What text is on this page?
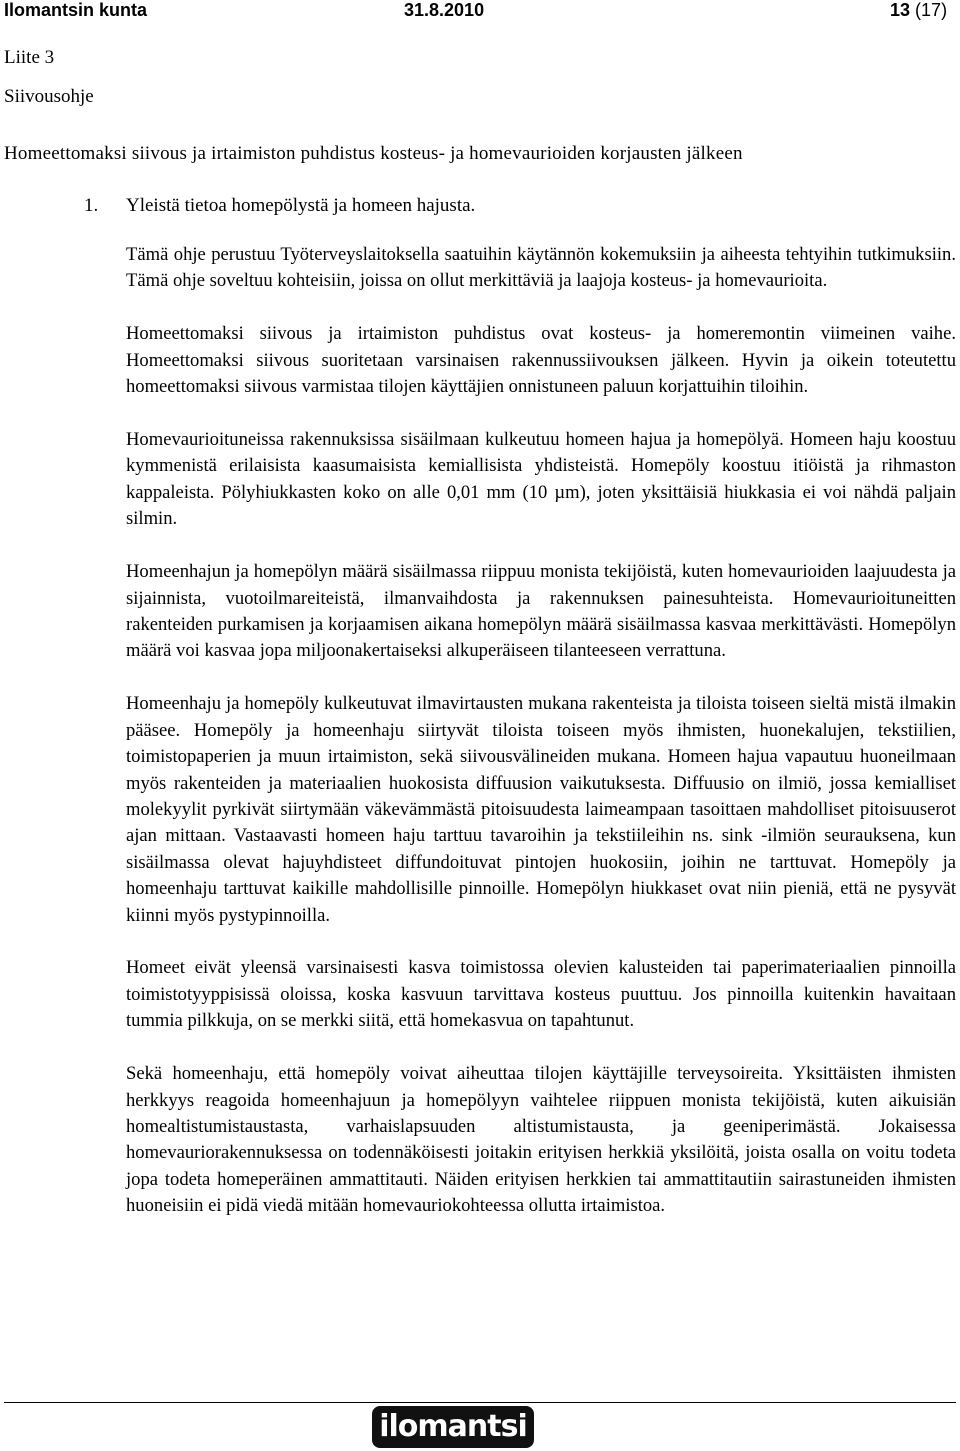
Ilomantsin kunta	31.8.2010	13 (17)
Liite 3
Siivousohje
Homeettomaksi siivous ja irtaimiston puhdistus kosteus- ja homevaurioiden korjausten jälkeen
1. Yleistä tietoa homepölystä ja homeen hajusta.

Tämä ohje perustuu Työterveyslaitoksella saatuihin käytännön kokemuksiin ja aiheesta tehtyihin tutkimuksiin. Tämä ohje soveltuu kohteisiin, joissa on ollut merkittäviä ja laajoja kosteus- ja homevaurioita.

Homeettomaksi siivous ja irtaimiston puhdistus ovat kosteus- ja homeremontin viimeinen vaihe. Homeettomaksi siivous suoritetaan varsinaisen rakennussiivouksen jälkeen. Hyvin ja oikein toteutettu homeettomaksi siivous varmistaa tilojen käyttäjien onnistuneen paluun korjattuihin tiloihin.

Homevaurioituneissa rakennuksissa sisäilmaan kulkeutuu homeen hajua ja homepölyä. Homeen haju koostuu kymmenistä erilaisista kaasumaisista kemiallisista yhdisteistä. Homepöly koostuu itiöistä ja rihmaston kappaleista. Pölyhiukkasten koko on alle 0,01 mm (10 µm), joten yksittäisiä hiukkasia ei voi nähdä paljain silmin.

Homeenhajun ja homepölyn määrä sisäilmassa riippuu monista tekijöistä, kuten homevaurioiden laajuudesta ja sijainnista, vuotoilmareiteistä, ilmanvaihdosta ja rakennuksen painesuhteista. Homevaurioituneitten rakenteiden purkamisen ja korjaamisen aikana homepölyn määrä sisäilmassa kasvaa merkittävästi. Homepölyn määrä voi kasvaa jopa miljoonakertaiseksi alkuperäiseen tilanteeseen verrattuna.

Homeenhaju ja homepöly kulkeutuvat ilmavirtausten mukana rakenteista ja tiloista toiseen sieltä mistä ilmakin pääsee. Homepöly ja homeenhaju siirtyvät tiloista toiseen myös ihmisten, huonekalujen, tekstiilien, toimistopaperien ja muun irtaimiston, sekä siivousvälineiden mukana. Homeen hajua vapautuu huoneilmaan myös rakenteiden ja materiaalien huokosista diffuusion vaikutuksesta. Diffuusio on ilmiö, jossa kemialliset molekyylit pyrkivät siirtymään väkevämmästä pitoisuudesta laimeampaan tasoittaen mahdolliset pitoisuuserot ajan mittaan. Vastaavasti homeen haju tarttuu tavaroihin ja tekstiileihin ns. sink -ilmiön seurauksena, kun sisäilmassa olevat hajuyhdisteet diffundoituvat pintojen huokosiin, joihin ne tarttuvat. Homepöly ja homeenhaju tarttuvat kaikille mahdollisille pinnoille. Homepölyn hiukkaset ovat niin pieniä, että ne pysyvät kiinni myös pystypinnoilla.

Homeet eivät yleensä varsinaisesti kasva toimistossa olevien kalusteiden tai paperimateriaalien pinnoilla toimistotyyppisissä oloissa, koska kasvuun tarvittava kosteus puuttuu. Jos pinnoilla kuitenkin havaitaan tummia pilkkuja, on se merkki siitä, että homekasvua on tapahtunut.

Sekä homeenhaju, että homepöly voivat aiheuttaa tilojen käyttäjille terveysoireita. Yksittäisten ihmisten herkkyys reagoida homeenhajuun ja homepölyyn vaihtelee riippuen monista tekijöistä, kuten aikuisiän homealtistumistaustasta, varhaislapsuuden altistumistausta, ja geeniperimästä. Jokaisessa homevauriorakennuksessa on todennäköisesti joitakin erityisen herkkiä yksilöitä, joista osalla on voitu todeta jopa todeta homeperäinen ammattitauti. Näiden erityisen herkkien tai ammattitautiin sairastuneiden ihmisten huoneisiin ei pidä viedä mitään homevauriokohteessa ollutta irtaimistoa.

ilomantsi
